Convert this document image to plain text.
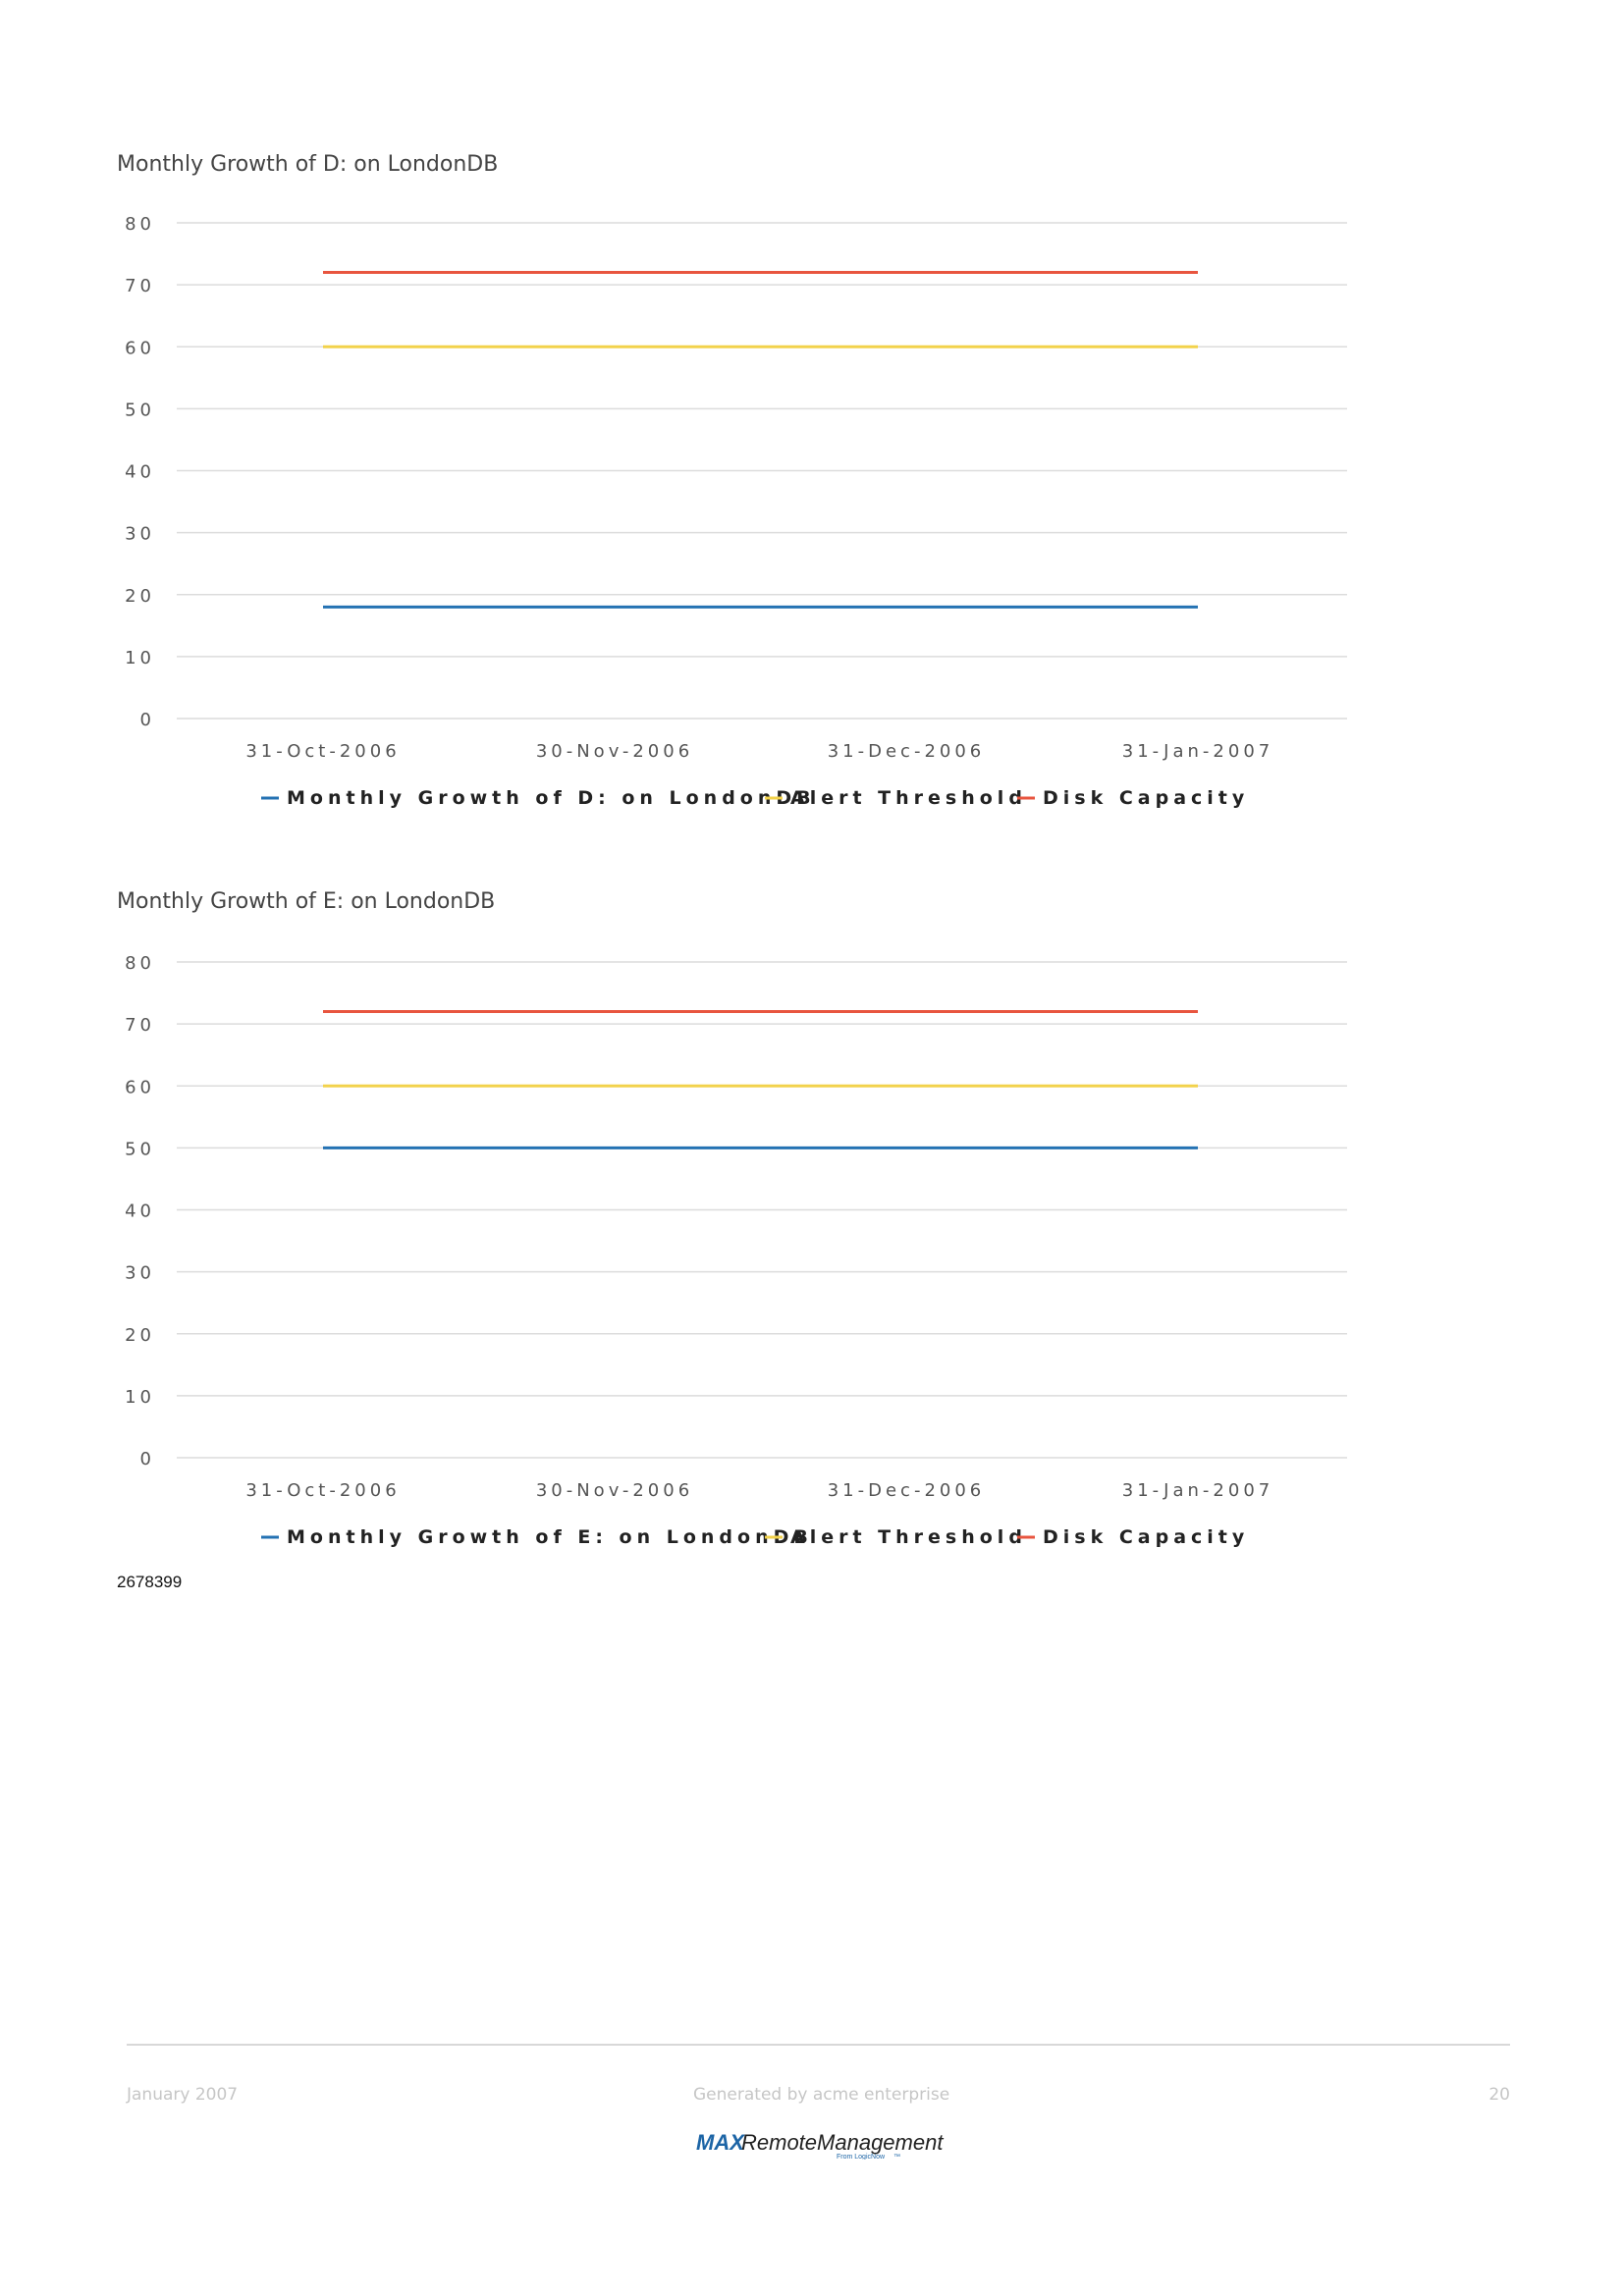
Monthly Growth of D: on LondonDB
0
10
20
30
40
50
60
70
80
31-Oct-2006	30-Nov-2006	31-Dec-2006	31-Jan-2007
Monthly Growth of D: on LondonDB
Alert Threshold Disk Capacity
Monthly Growth of E: on LondonDB
0
10
20
30
40
50
60
70
80
31-Oct-2006	30-Nov-2006	31-Dec-2006	31-Jan-2007
Monthly Growth of E: on LondonDB
Alert Threshold Disk Capacity
2678399
January 2007	Generated by acme enterprise	20
MAX
RemoteManagement
™
From LogicNow
